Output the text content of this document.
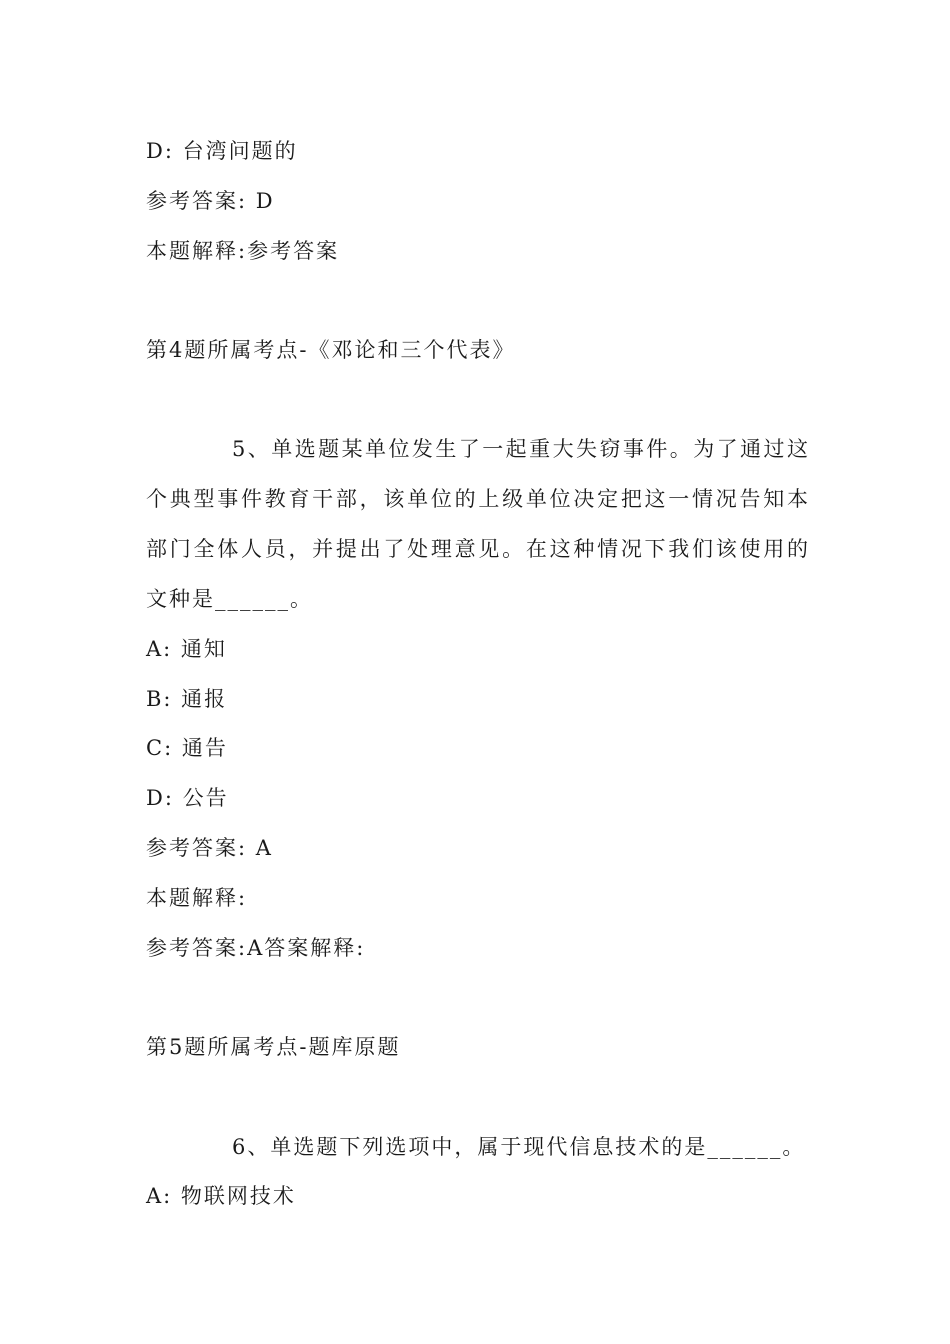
D: 台湾问题的
参考答案: D
本题解释:参考答案
第4题所属考点-《邓论和三个代表》
5、单选题某单位发生了一起重大失窃事件。为了通过这个典型事件教育干部，该单位的上级单位决定把这一情况告知本部门全体人员，并提出了处理意见。在这种情况下我们该使用的文种是______。
A: 通知
B: 通报
C: 通告
D: 公告
参考答案: A
本题解释:
参考答案:A答案解释:
第5题所属考点-题库原题
6、单选题下列选项中，属于现代信息技术的是______。
A: 物联网技术
